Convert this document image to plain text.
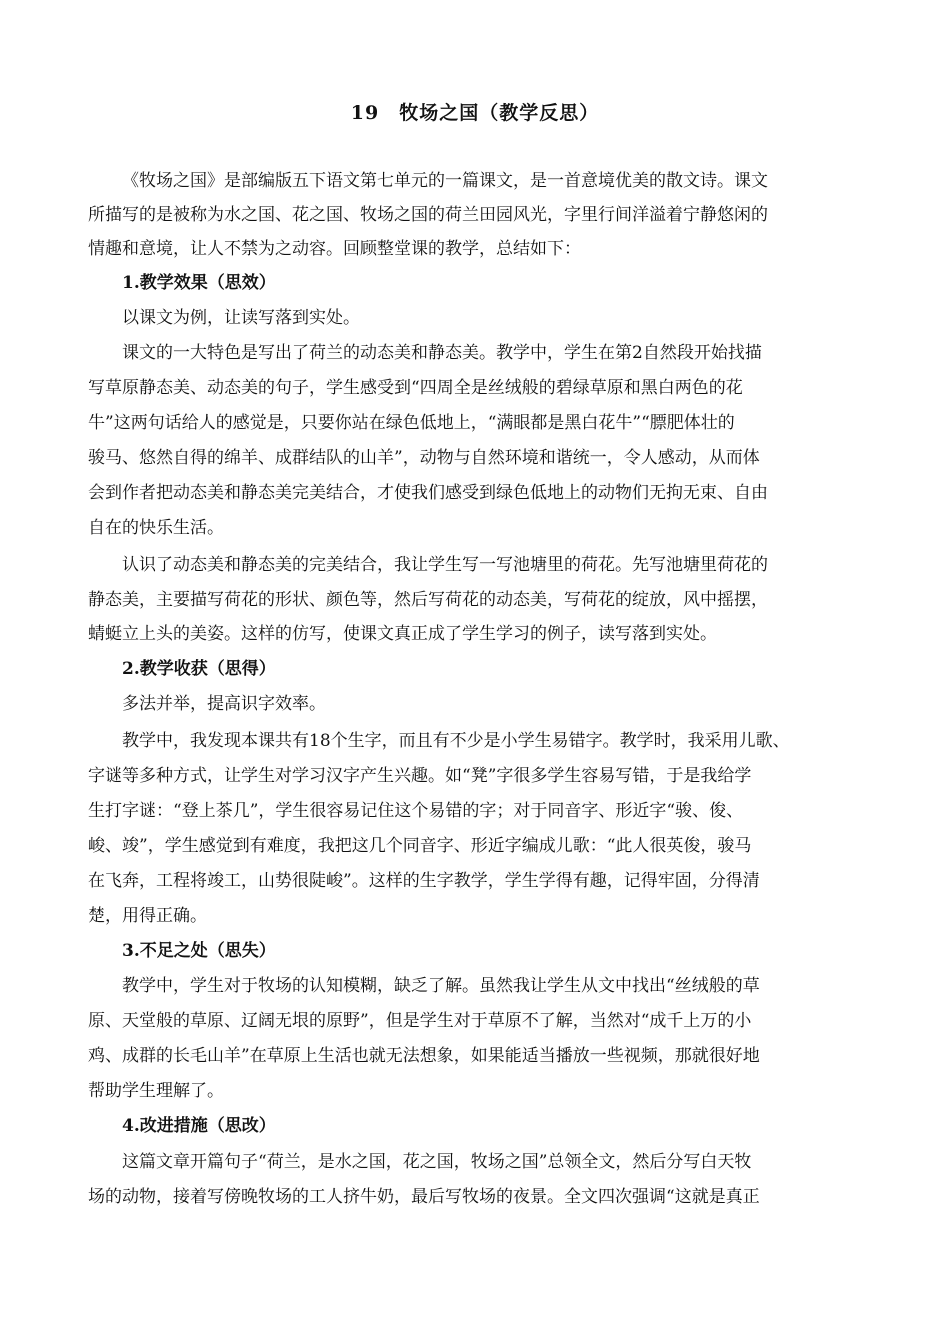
19　牧场之国（教学反思）
《牧场之国》是部编版五下语文第七单元的一篇课文，是一首意境优美的散文诗。课文
所描写的是被称为水之国、花之国、牧场之国的荷兰田园风光，字里行间洋溢着宁静悠闲的
情趣和意境，让人不禁为之动容。回顾整堂课的教学，总结如下：
1.教学效果（思效）
以课文为例，让读写落到实处。
课文的一大特色是写出了荷兰的动态美和静态美。教学中，学生在第2自然段开始找描
写草原静态美、动态美的句子，学生感受到“四周全是丝绒般的碧绿草原和黑白两色的花
牛”这两句话给人的感觉是，只要你站在绿色低地上，“满眼都是黑白花牛”“膘肥体壮的
骏马、悠然自得的绵羊、成群结队的山羊”，动物与自然环境和谐统一，令人感动，从而体
会到作者把动态美和静态美完美结合，才使我们感受到绿色低地上的动物们无拘无束、自由
自在的快乐生活。
认识了动态美和静态美的完美结合，我让学生写一写池塘里的荷花。先写池塘里荷花的
静态美，主要描写荷花的形状、颜色等，然后写荷花的动态美，写荷花的绽放，风中摇摆，
蜻蜓立上头的美姿。这样的仿写，使课文真正成了学生学习的例子，读写落到实处。
2.教学收获（思得）
多法并举，提高识字效率。
教学中，我发现本课共有18个生字，而且有不少是小学生易错字。教学时，我采用儿歌、
字谜等多种方式，让学生对学习汉字产生兴趣。如“凳”字很多学生容易写错，于是我给学
生打字谜：“登上茶几”，学生很容易记住这个易错的字；对于同音字、形近字“骏、俊、
峻、竣”，学生感觉到有难度，我把这几个同音字、形近字编成儿歌：“此人很英俊，骏马
在飞奔，工程将竣工，山势很陡峻”。这样的生字教学，学生学得有趣，记得牢固，分得清
楚，用得正确。
3.不足之处（思失）
教学中，学生对于牧场的认知模糊，缺乏了解。虽然我让学生从文中找出“丝绒般的草
原、天堂般的草原、辽阔无垠的原野”，但是学生对于草原不了解，当然对“成千上万的小
鸡、成群的长毛山羊”在草原上生活也就无法想象，如果能适当播放一些视频，那就很好地
帮助学生理解了。
4.改进措施（思改）
这篇文章开篇句子“荷兰，是水之国，花之国，牧场之国”总领全文，然后分写白天牧
场的动物，接着写傍晚牧场的工人挤牛奶，最后写牧场的夜景。全文四次强调“这就是真正
